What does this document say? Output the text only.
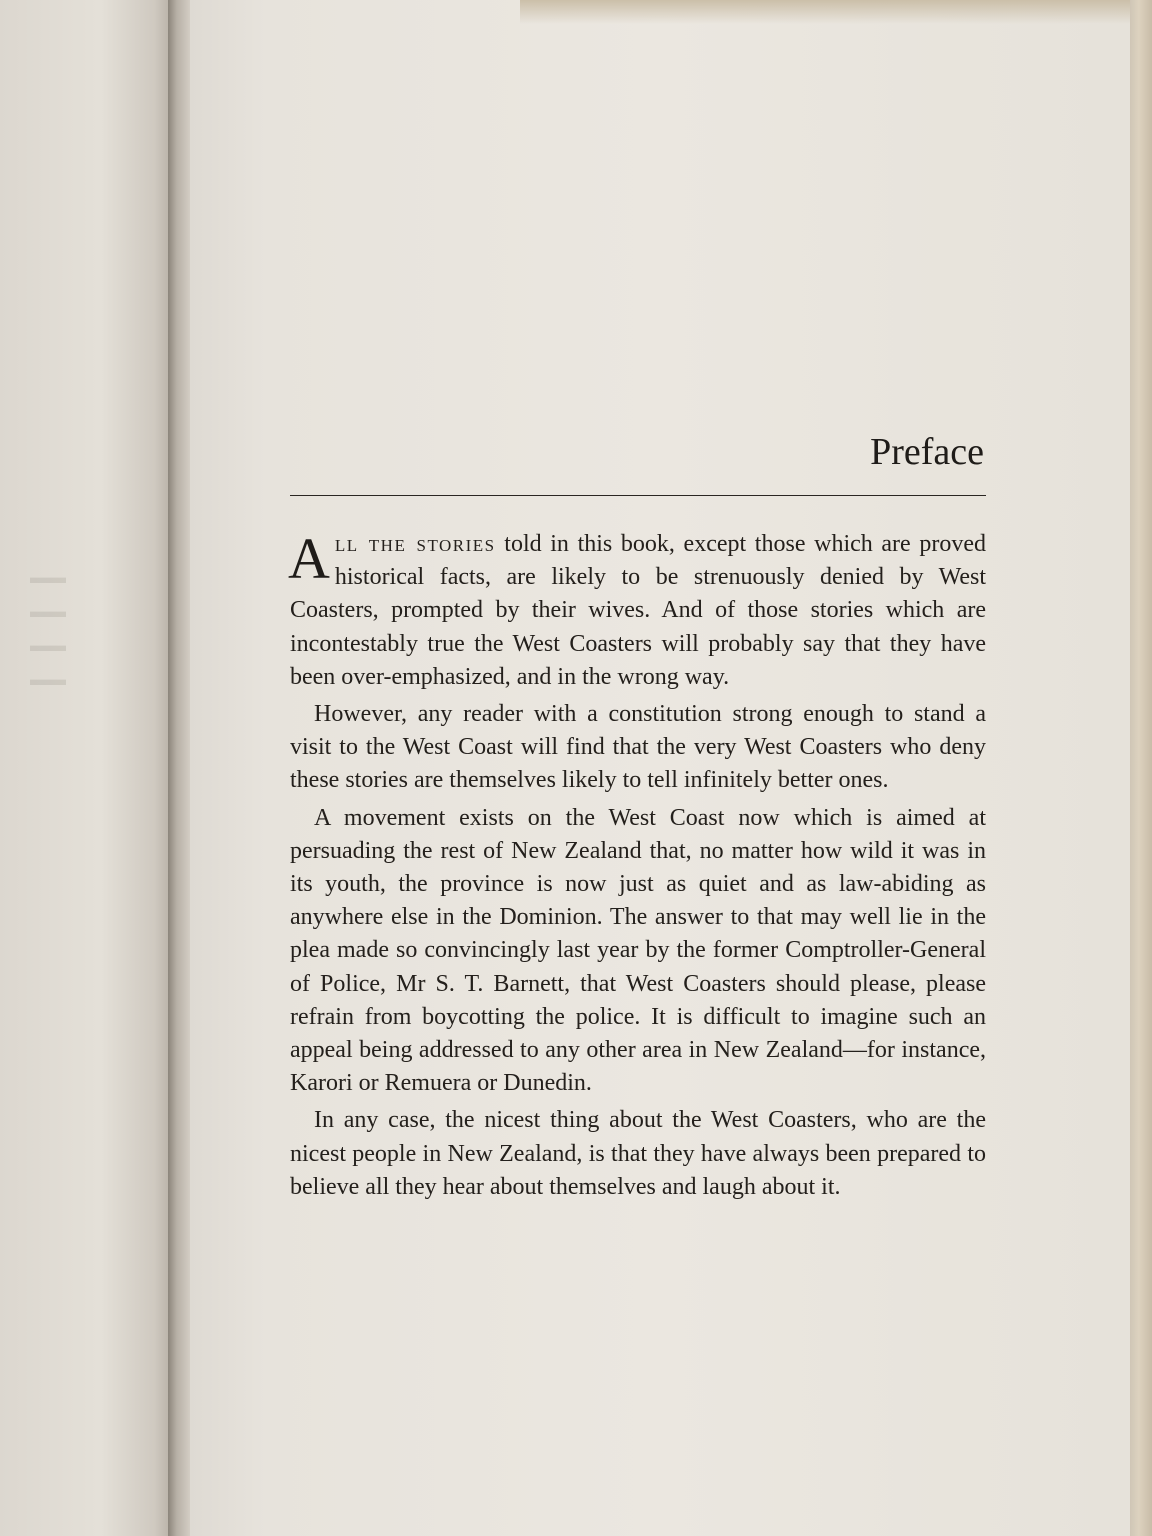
▬▬
▬▬
▬▬
▬▬
Preface

All the stories told in this book, except those which are proved historical facts, are likely to be strenuously denied by West Coasters, prompted by their wives. And of those stories which are incontestably true the West Coasters will probably say that they have been over-emphasized, and in the wrong way.

However, any reader with a constitution strong enough to stand a visit to the West Coast will find that the very West Coasters who deny these stories are themselves likely to tell infinitely better ones.

A movement exists on the West Coast now which is aimed at persuading the rest of New Zealand that, no matter how wild it was in its youth, the province is now just as quiet and as law-abiding as anywhere else in the Dominion. The answer to that may well lie in the plea made so convincingly last year by the former Comptroller-General of Police, Mr S. T. Barnett, that West Coasters should please, please refrain from boycotting the police. It is difficult to imagine such an appeal being addressed to any other area in New Zealand—for instance, Karori or Remuera or Dunedin.

In any case, the nicest thing about the West Coasters, who are the nicest people in New Zealand, is that they have always been prepared to believe all they hear about themselves and laugh about it.
